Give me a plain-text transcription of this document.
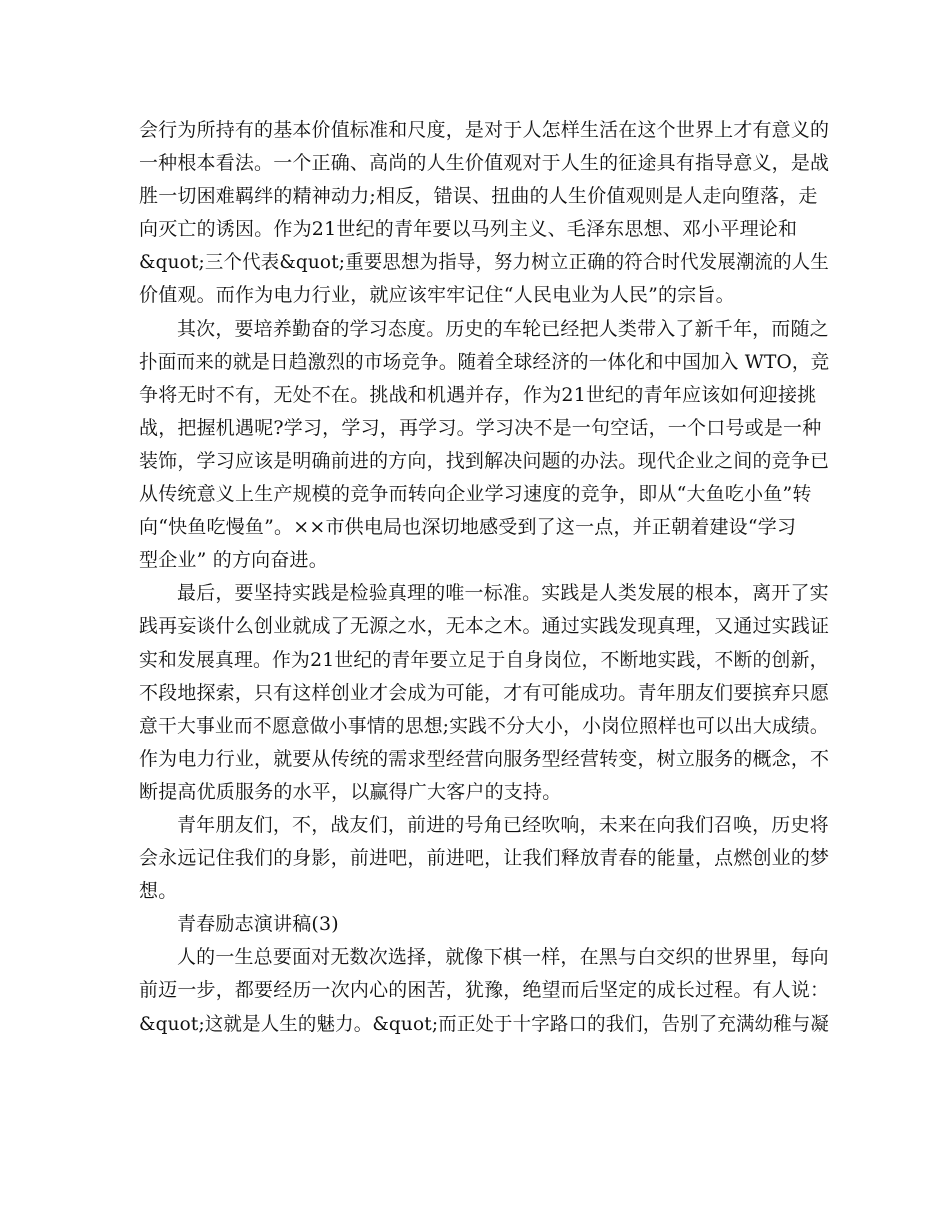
会行为所持有的基本价值标准和尺度，是对于人怎样生活在这个世界上才有意义的
一种根本看法。一个正确、高尚的人生价值观对于人生的征途具有指导意义，是战
胜一切困难羁绊的精神动力;相反，错误、扭曲的人生价值观则是人走向堕落，走
向灭亡的诱因。作为21世纪的青年要以马列主义、毛泽东思想、邓小平理论和
&quot;三个代表&quot;重要思想为指导，努力树立正确的符合时代发展潮流的人生
价值观。而作为电力行业，就应该牢牢记住“人民电业为人民”的宗旨。
其次，要培养勤奋的学习态度。历史的车轮已经把人类带入了新千年，而随之
扑面而来的就是日趋激烈的市场竞争。随着全球经济的一体化和中国加入 WTO，竞
争将无时不有，无处不在。挑战和机遇并存，作为21世纪的青年应该如何迎接挑
战，把握机遇呢?学习，学习，再学习。学习决不是一句空话，一个口号或是一种
装饰，学习应该是明确前进的方向，找到解决问题的办法。现代企业之间的竞争已
从传统意义上生产规模的竞争而转向企业学习速度的竞争，即从“大鱼吃小鱼”转
向“快鱼吃慢鱼”。××市供电局也深切地感受到了这一点，并正朝着建设“学习
型企业” 的方向奋进。
最后，要坚持实践是检验真理的唯一标准。实践是人类发展的根本，离开了实
践再妄谈什么创业就成了无源之水，无本之木。通过实践发现真理，又通过实践证
实和发展真理。作为21世纪的青年要立足于自身岗位，不断地实践，不断的创新，
不段地探索，只有这样创业才会成为可能，才有可能成功。青年朋友们要摈弃只愿
意干大事业而不愿意做小事情的思想;实践不分大小，小岗位照样也可以出大成绩。
作为电力行业，就要从传统的需求型经营向服务型经营转变，树立服务的概念，不
断提高优质服务的水平，以赢得广大客户的支持。
青年朋友们，不，战友们，前进的号角已经吹响，未来在向我们召唤，历史将
会永远记住我们的身影，前进吧，前进吧，让我们释放青春的能量，点燃创业的梦
想。
青春励志演讲稿(3)
人的一生总要面对无数次选择，就像下棋一样，在黑与白交织的世界里，每向
前迈一步，都要经历一次内心的困苦，犹豫，绝望而后坚定的成长过程。有人说：
&quot;这就是人生的魅力。&quot;而正处于十字路口的我们，告别了充满幼稚与凝
